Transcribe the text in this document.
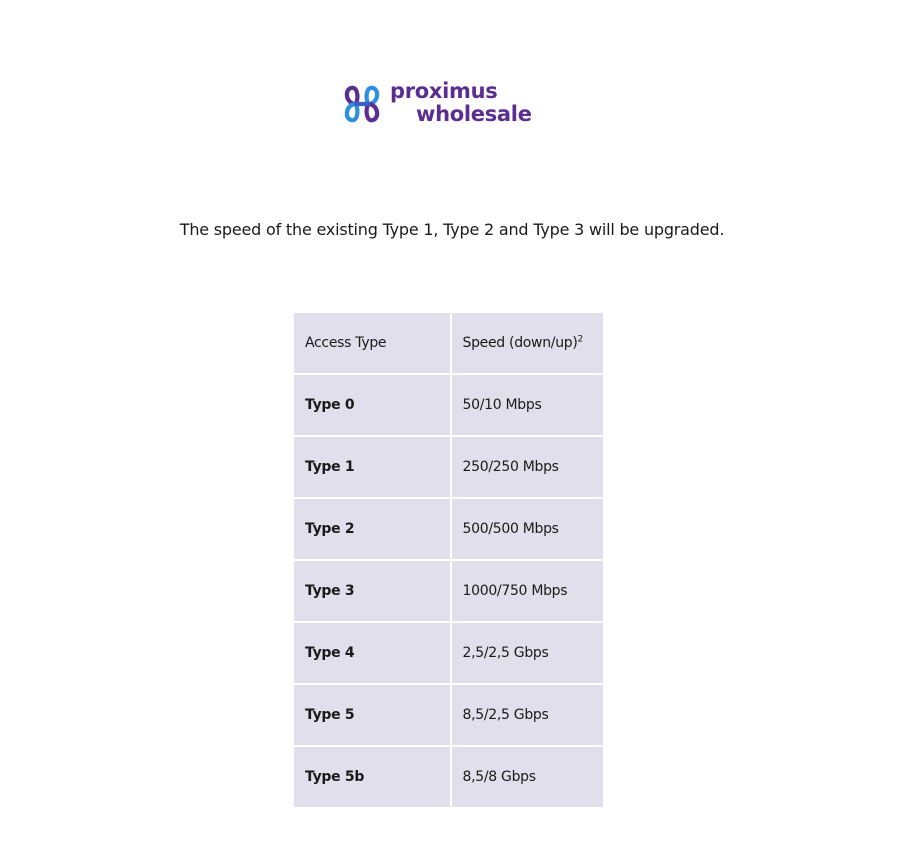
proximus
wholesale
The speed of the existing Type 1, Type 2 and Type 3 will be upgraded.
Access Type	Speed (down/up)$^2$
Type 0	50/10 Mbps
Type 1	250/250 Mbps
Type 2	500/500 Mbps
Type 3	1000/750 Mbps
Type 4	2,5/2,5 Gbps
Type 5	8,5/2,5 Gbps
Type 5b	8,5/8 Gbps
